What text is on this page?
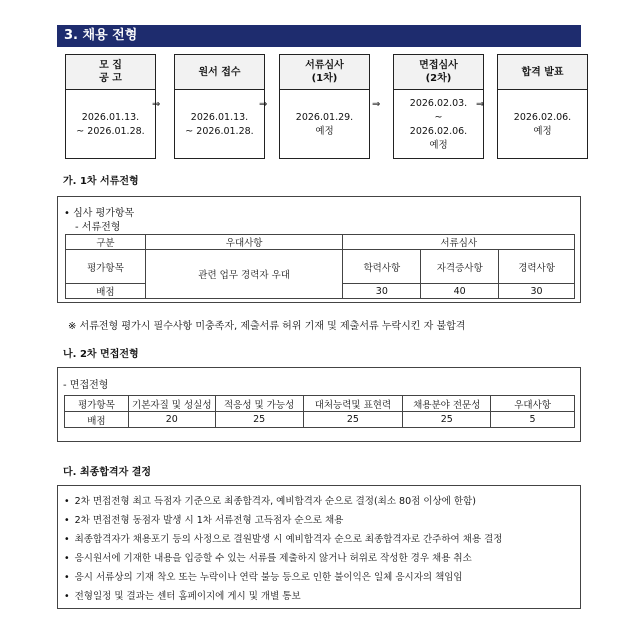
3. 채용 전형
모 집
공 고
2026.01.13.
~ 2026.01.28.
⇒
원서 접수
2026.01.13.
~ 2026.01.28.
⇒
서류심사
(1차)
2026.01.29.
예정
⇒
면접심사
(2차)
2026.02.03.
~
2026.02.06.
예정
⇒
합격 발표
2026.02.06.
예정
가. 1차 서류전형
• 심사 평가항목
- 서류전형
구분	우대사항	서류심사		
평가항목	관련 업무 경력자 우대	학력사항	자격증사항	경력사항
배점		30	40	30
※ 서류전형 평가시 필수사항 미충족자, 제출서류 허위 기재 및 제출서류 누락시킨 자 불합격
나. 2차 면접전형
- 면접전형
평가항목	기본자질 및 성실성	적응성 및 가능성	대처능력및 표현력	채용분야 전문성	우대사항
배점	20	25	25	25	5
다. 최종합격자 결정
• 2차 면접전형 최고 득점자 기준으로 최종합격자, 예비합격자 순으로 결정(최소 80점 이상에 한함)
• 2차 면접전형 동점자 발생 시 1차 서류전형 고득점자 순으로 채용
• 최종합격자가 채용포기 등의 사정으로 결원발생 시 예비합격자 순으로 최종합격자로 간주하여 채용 결정
• 응시원서에 기재한 내용을 입증할 수 있는 서류를 제출하지 않거나 허위로 작성한 경우 채용 취소
• 응시 서류상의 기재 착오 또는 누락이나 연락 불능 등으로 인한 불이익은 일체 응시자의 책임임
• 전형일정 및 결과는 센터 홈페이지에 게시 및 개별 통보
